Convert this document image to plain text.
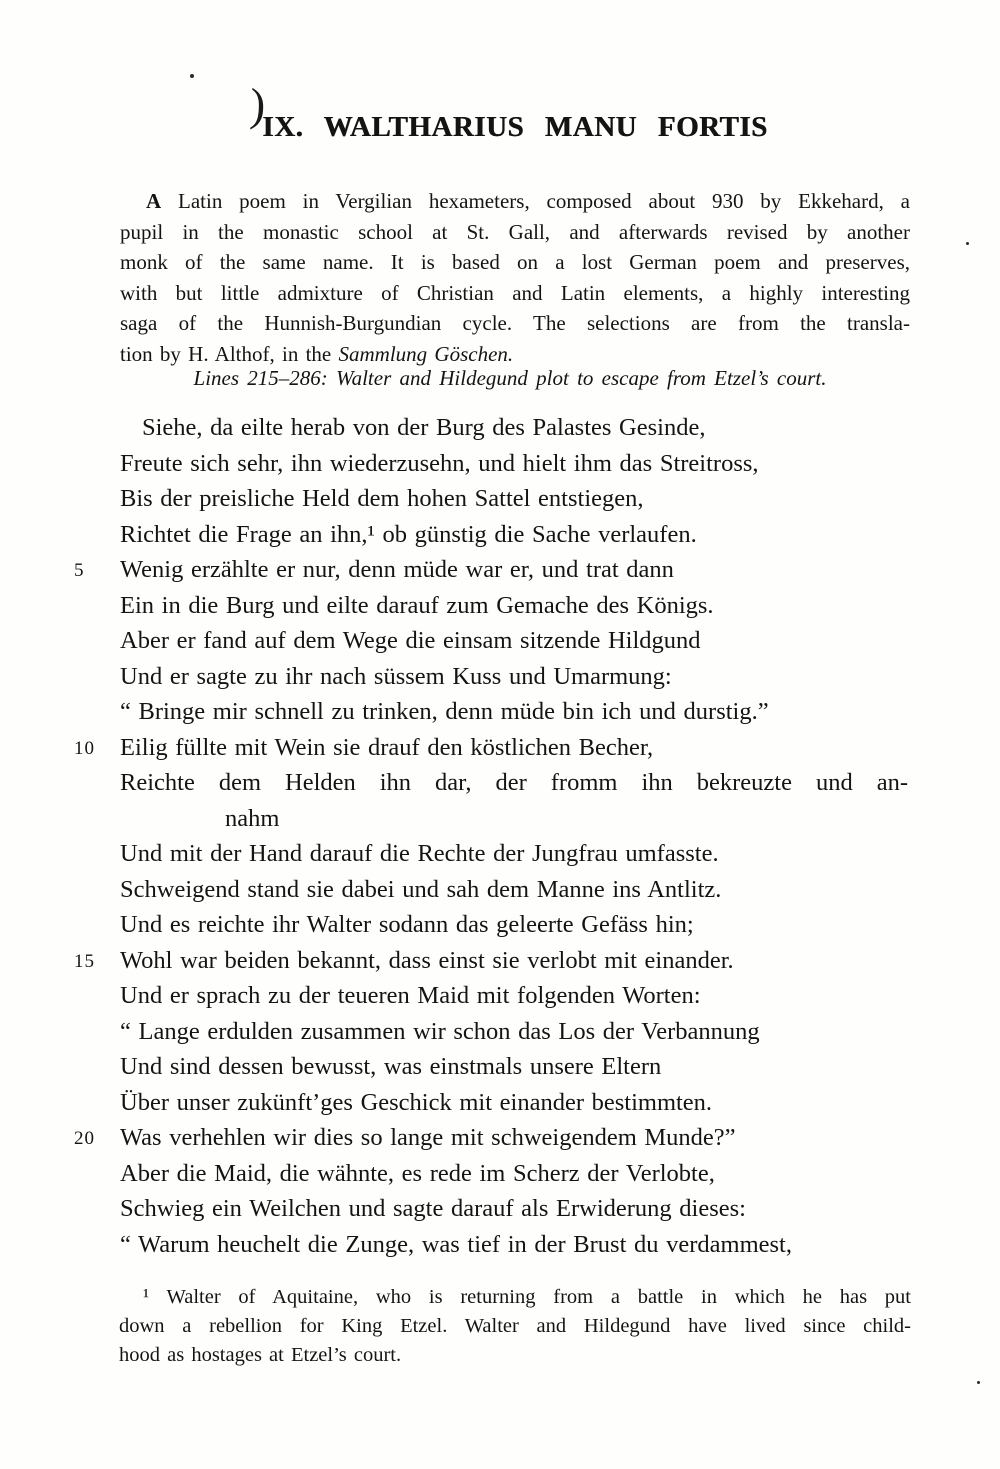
)
IX. WALTHARIUS MANU FORTIS
A Latin poem in Vergilian hexameters, composed about 930 by Ekkehard, a
pupil in the monastic school at St. Gall, and afterwards revised by another
monk of the same name. It is based on a lost German poem and preserves,
with but little admixture of Christian and Latin elements, a highly interesting
saga of the Hunnish-Burgundian cycle. The selections are from the transla-
tion by H. Althof, in the Sammlung Göschen.
Lines 215–286: Walter and Hildegund plot to escape from Etzel’s court.
Siehe, da eilte herab von der Burg des Palastes Gesinde,
Freute sich sehr, ihn wiederzusehn, und hielt ihm das Streitross,
Bis der preisliche Held dem hohen Sattel entstiegen,
Richtet die Frage an ihn,¹ ob günstig die Sache verlaufen.
5 Wenig erzählte er nur, denn müde war er, und trat dann
Ein in die Burg und eilte darauf zum Gemache des Königs.
Aber er fand auf dem Wege die einsam sitzende Hildgund
Und er sagte zu ihr nach süssem Kuss und Umarmung:
“ Bringe mir schnell zu trinken, denn müde bin ich und durstig.”
10 Eilig füllte mit Wein sie drauf den köstlichen Becher,
Reichte dem Helden ihn dar, der fromm ihn bekreuzte und an-
nahm
Und mit der Hand darauf die Rechte der Jungfrau umfasste.
Schweigend stand sie dabei und sah dem Manne ins Antlitz.
Und es reichte ihr Walter sodann das geleerte Gefäss hin;
15 Wohl war beiden bekannt, dass einst sie verlobt mit einander.
Und er sprach zu der teueren Maid mit folgenden Worten:
“ Lange erdulden zusammen wir schon das Los der Verbannung
Und sind dessen bewusst, was einstmals unsere Eltern
Über unser zukünft’ges Geschick mit einander bestimmten.
20 Was verhehlen wir dies so lange mit schweigendem Munde?”
Aber die Maid, die wähnte, es rede im Scherz der Verlobte,
Schwieg ein Weilchen und sagte darauf als Erwiderung dieses:
“ Warum heuchelt die Zunge, was tief in der Brust du verdammest,
¹ Walter of Aquitaine, who is returning from a battle in which he has put
down a rebellion for King Etzel. Walter and Hildegund have lived since child-
hood as hostages at Etzel’s court.
